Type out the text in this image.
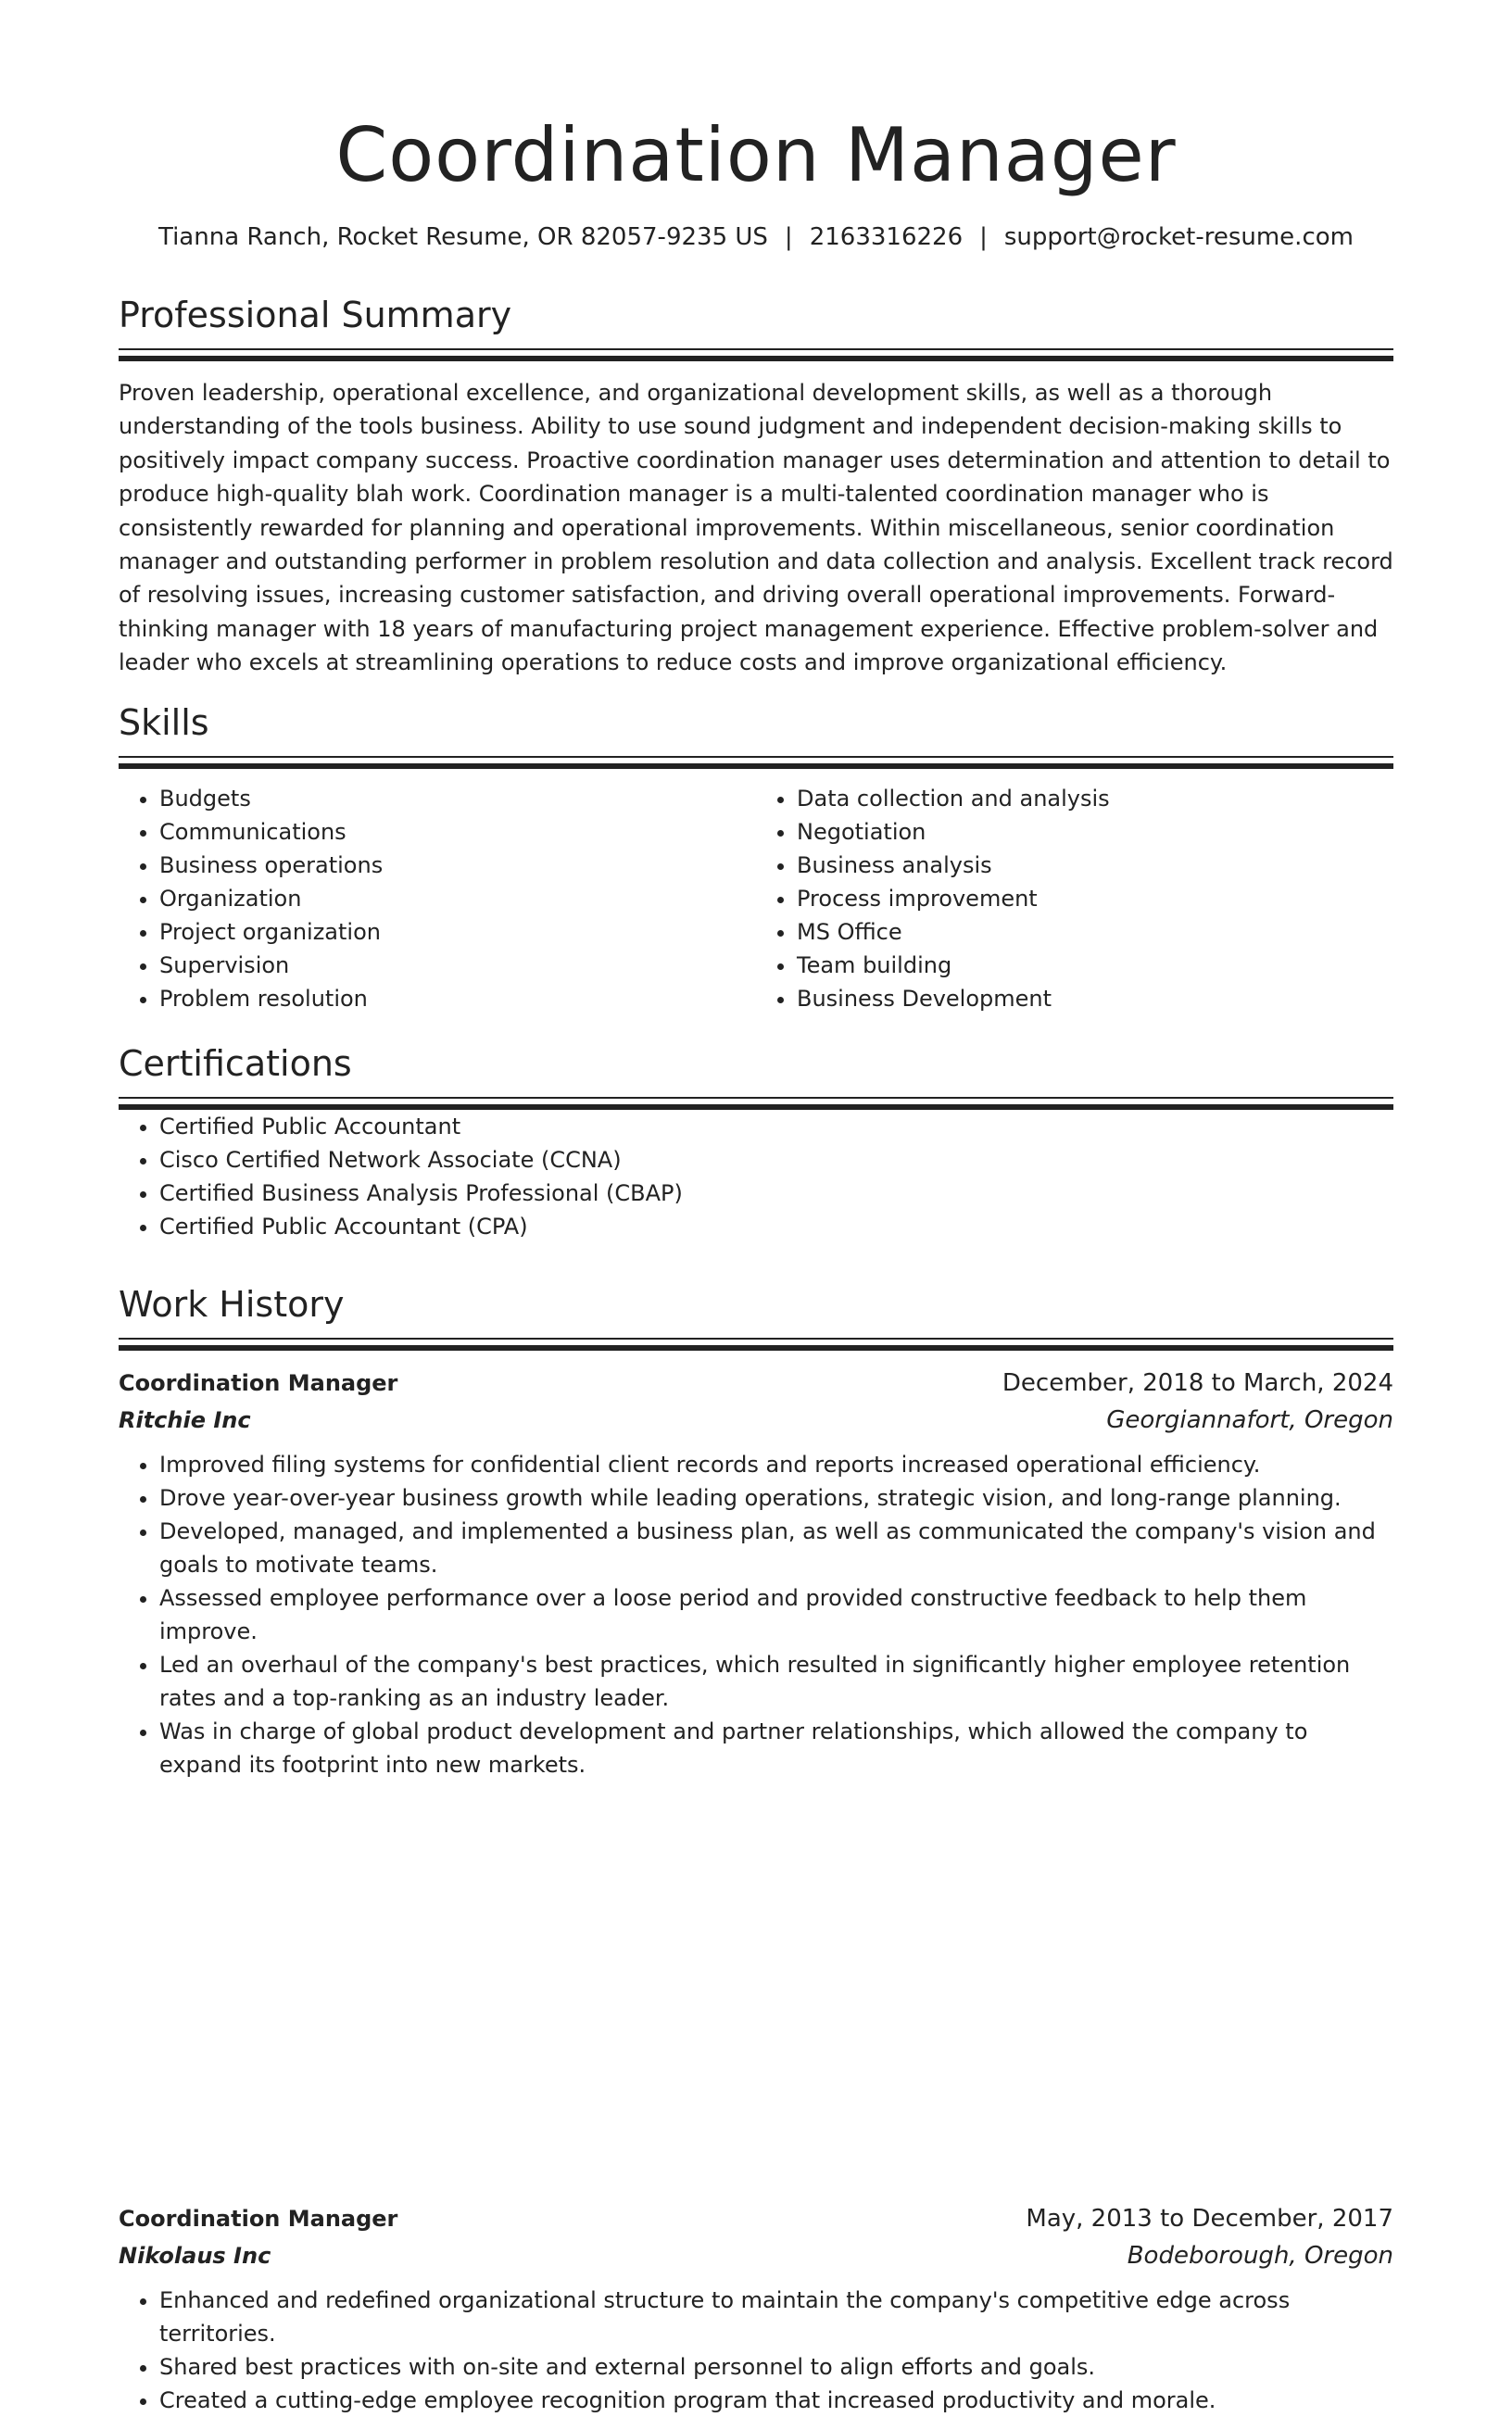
Coordination Manager
Tianna Ranch, Rocket Resume, OR 82057-9235 US | 2163316226 | support@rocket-resume.com
Professional Summary

Proven leadership, operational excellence, and organizational development skills, as well as a thorough understanding of the tools business. Ability to use sound judgment and independent decision-making skills to positively impact company success. Proactive coordination manager uses determination and attention to detail to produce high-quality blah work. Coordination manager is a multi-talented coordination manager who is consistently rewarded for planning and operational improvements. Within miscellaneous, senior coordination manager and outstanding performer in problem resolution and data collection and analysis. Excellent track record of resolving issues, increasing customer satisfaction, and driving overall operational improvements. Forward-thinking manager with 18 years of manufacturing project management experience. Effective problem-solver and leader who excels at streamlining operations to reduce costs and improve organizational efficiency.

Skills
• Budgets
• Communications
• Business operations
• Organization
• Project organization
• Supervision
• Problem resolution
• Data collection and analysis
• Negotiation
• Business analysis
• Process improvement
• MS Office
• Team building
• Business Development
Certifications
• Certified Public Accountant
• Cisco Certified Network Associate (CCNA)
• Certified Business Analysis Professional (CBAP)
• Certified Public Accountant (CPA)
Work History
Coordination Manager	December, 2018 to March, 2024
Ritchie Inc	Georgiannafort, Oregon
• Improved filing systems for confidential client records and reports increased operational efficiency.
• Drove year-over-year business growth while leading operations, strategic vision, and long-range planning.
• Developed, managed, and implemented a business plan, as well as communicated the company's vision and goals to motivate teams.
• Assessed employee performance over a loose period and provided constructive feedback to help them improve.
• Led an overhaul of the company's best practices, which resulted in significantly higher employee retention rates and a top-ranking as an industry leader.
• Was in charge of global product development and partner relationships, which allowed the company to expand its footprint into new markets.
Coordination Manager	May, 2013 to December, 2017
Nikolaus Inc	Bodeborough, Oregon
• Enhanced and redefined organizational structure to maintain the company's competitive edge across territories.
• Shared best practices with on-site and external personnel to align efforts and goals.
• Created a cutting-edge employee recognition program that increased productivity and morale.
